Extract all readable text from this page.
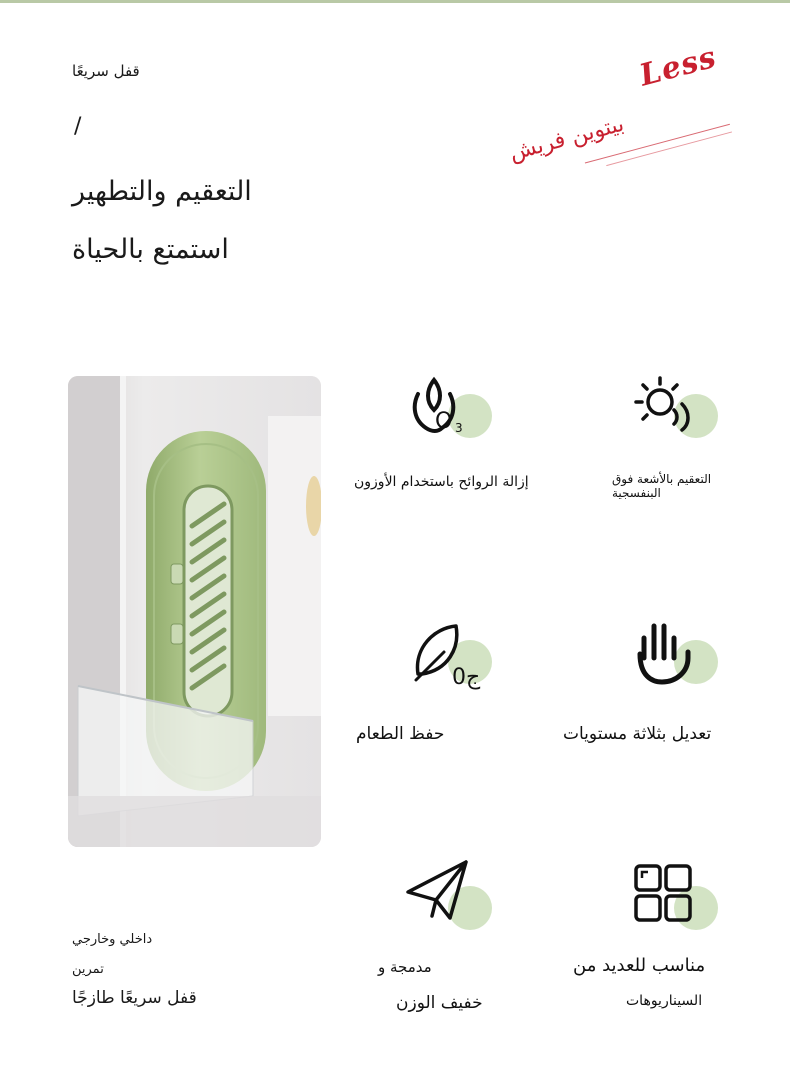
قفل سريعًا
/
التعقيم والتطهير
استمتع بالحياة
Less
بيتوين فريش
O 3
إزالة الروائح باستخدام الأوزون	التعقيم بالأشعة فوق
البنفسجية
0ج
حفظ الطعام	تعديل بثلاثة مستويات
مدمجة و
خفيف الوزن
مناسب للعديد من
السيناريوهات
داخلي وخارجي
تمرين
قفل سريعًا طازجًا
